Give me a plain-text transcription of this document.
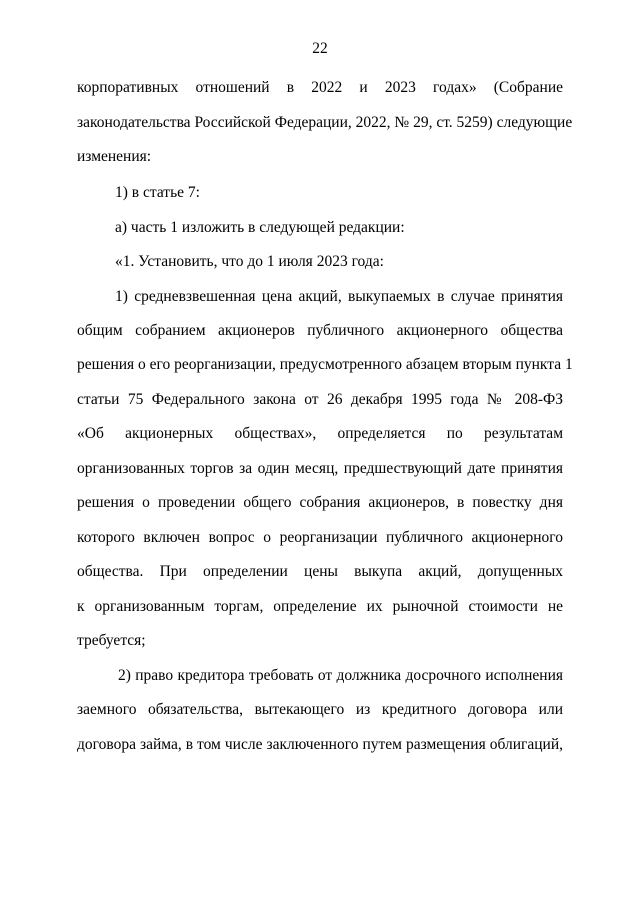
22
корпоративных отношений в 2022 и 2023 годах» (Собрание
законодательства Российской Федерации, 2022, № 29, ст. 5259) следующие
изменения:
1) в статье 7:
а) часть 1 изложить в следующей редакции:
«1. Установить, что до 1 июля 2023 года:
1) средневзвешенная цена акций, выкупаемых в случае принятия
общим собранием акционеров публичного акционерного общества
решения о его реорганизации, предусмотренного абзацем вторым пункта 1
статьи 75 Федерального закона от 26 декабря 1995 года № 208-ФЗ
«Об акционерных обществах», определяется по результатам
организованных торгов за один месяц, предшествующий дате принятия
решения о проведении общего собрания акционеров, в повестку дня
которого включен вопрос о реорганизации публичного акционерного
общества. При определении цены выкупа акций, допущенных
к организованным торгам, определение их рыночной стоимости не
требуется;
2) право кредитора требовать от должника досрочного исполнения
заемного обязательства, вытекающего из кредитного договора или
договора займа, в том числе заключенного путем размещения облигаций,
